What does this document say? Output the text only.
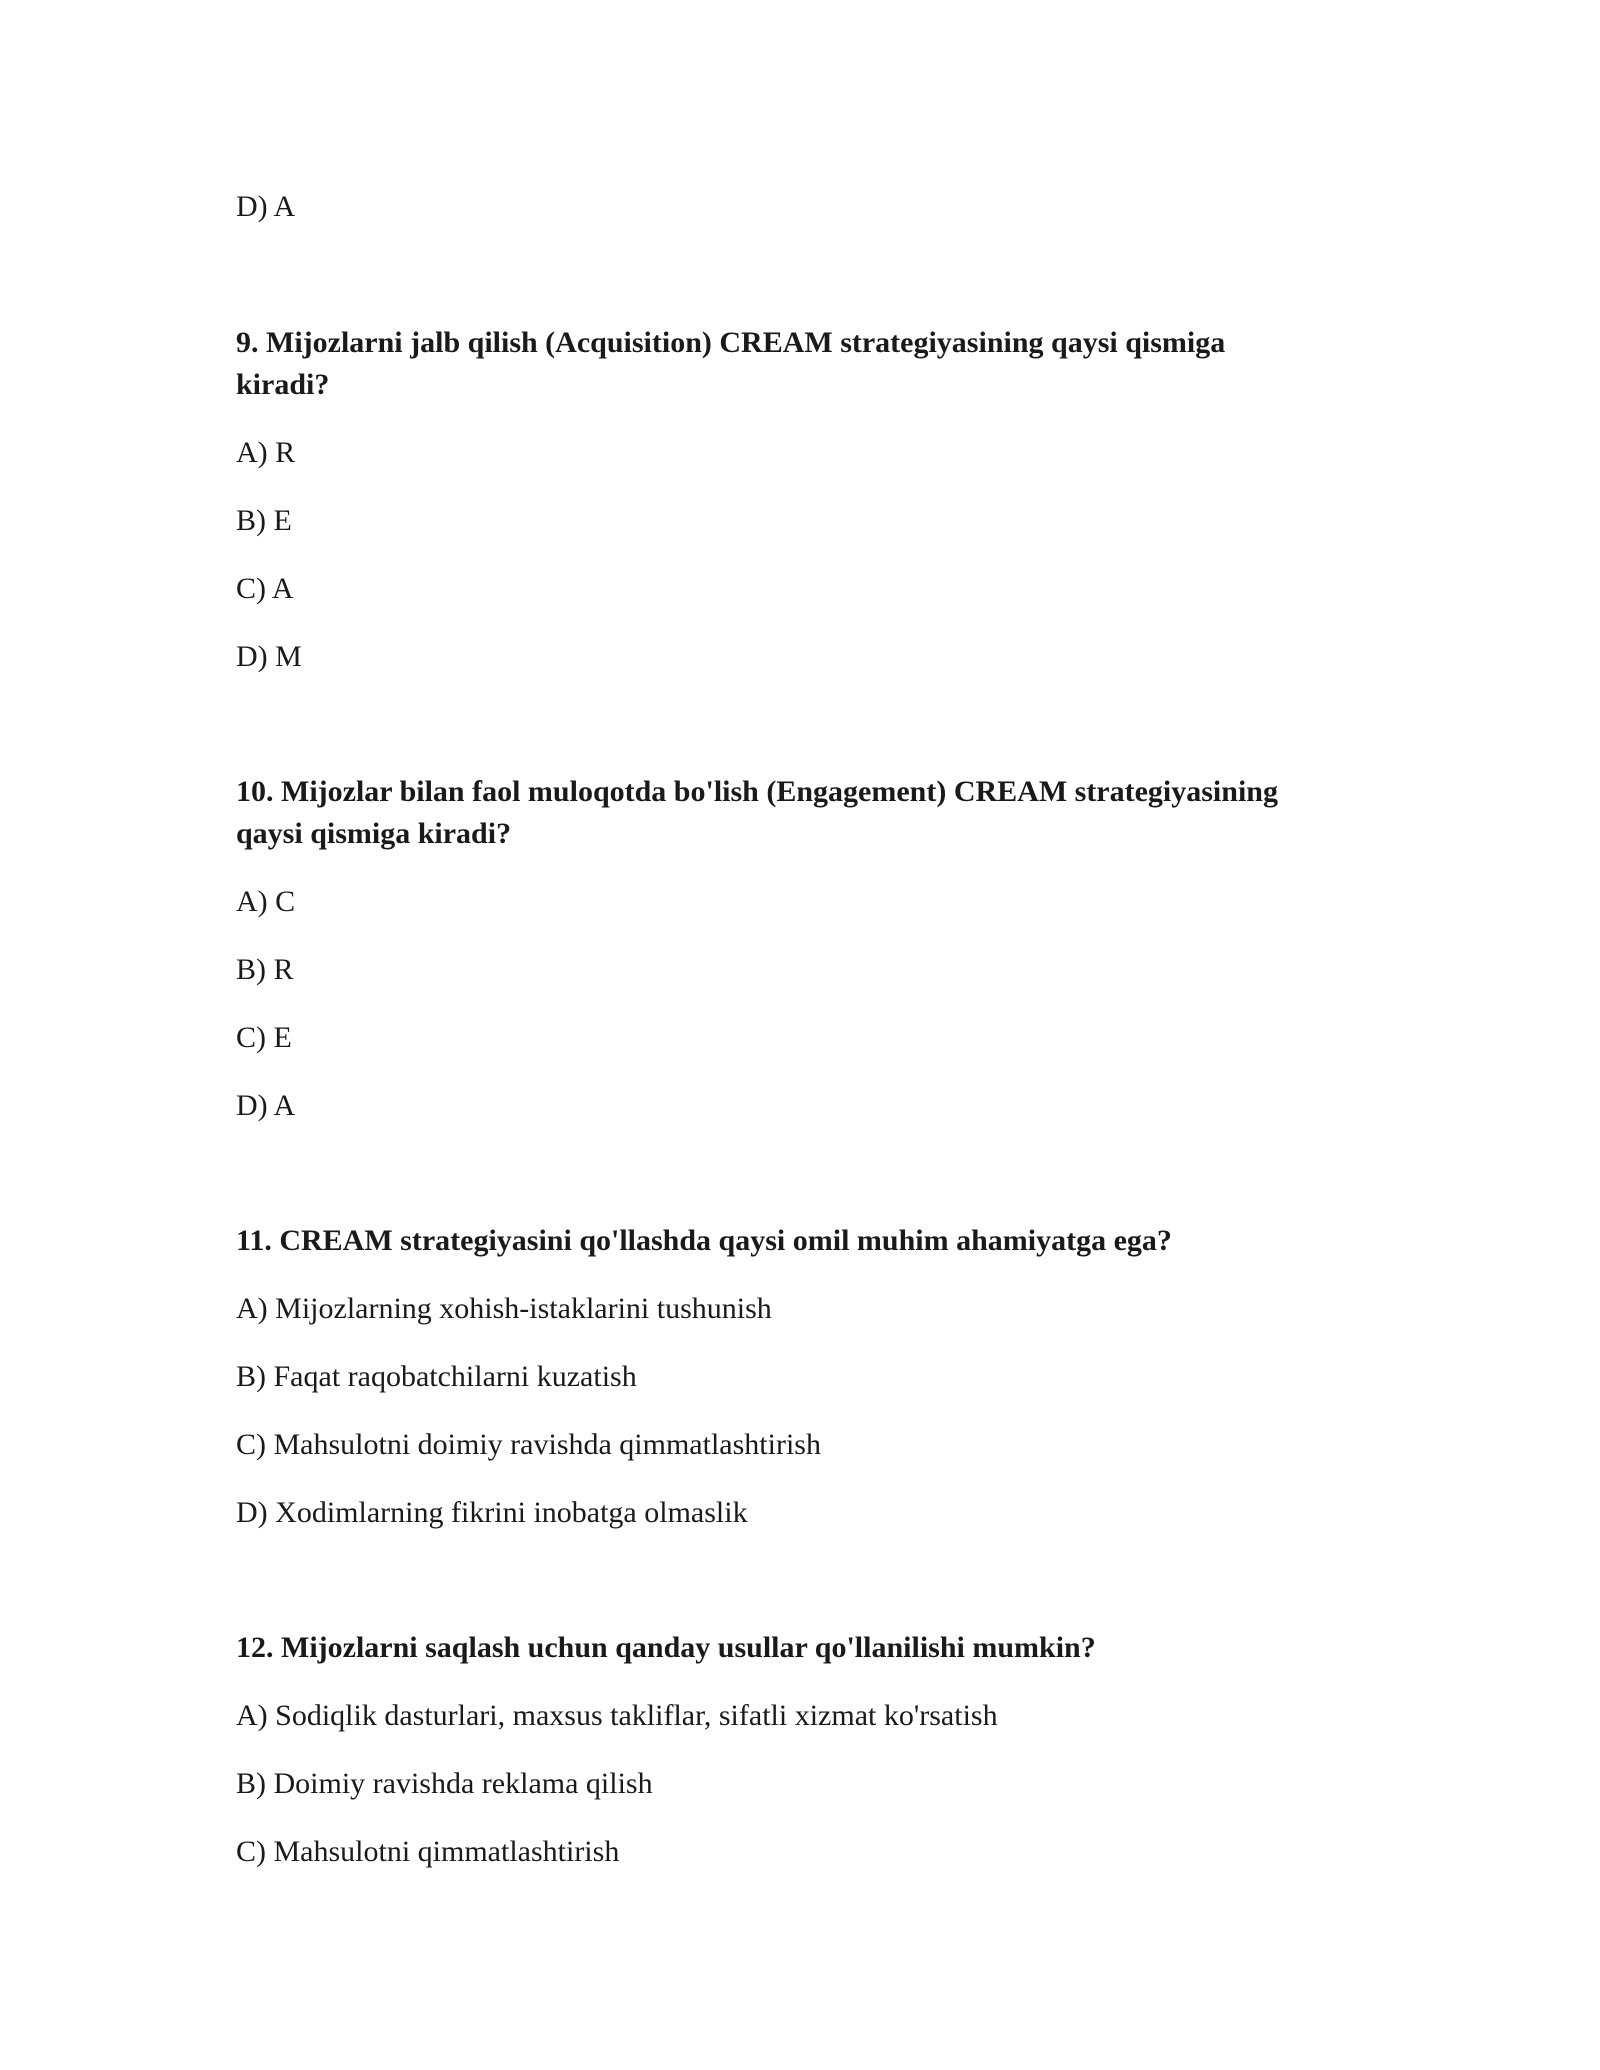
D) A
9. Mijozlarni jalb qilish (Acquisition) CREAM strategiyasining qaysi qismiga
kiradi?
A) R
B) E
C) A
D) M
10. Mijozlar bilan faol muloqotda bo'lish (Engagement) CREAM strategiyasining
qaysi qismiga kiradi?
A) C
B) R
C) E
D) A
11. CREAM strategiyasini qo'llashda qaysi omil muhim ahamiyatga ega?
A) Mijozlarning xohish-istaklarini tushunish
B) Faqat raqobatchilarni kuzatish
C) Mahsulotni doimiy ravishda qimmatlashtirish
D) Xodimlarning fikrini inobatga olmaslik
12. Mijozlarni saqlash uchun qanday usullar qo'llanilishi mumkin?
A) Sodiqlik dasturlari, maxsus takliflar, sifatli xizmat ko'rsatish
B) Doimiy ravishda reklama qilish
C) Mahsulotni qimmatlashtirish
